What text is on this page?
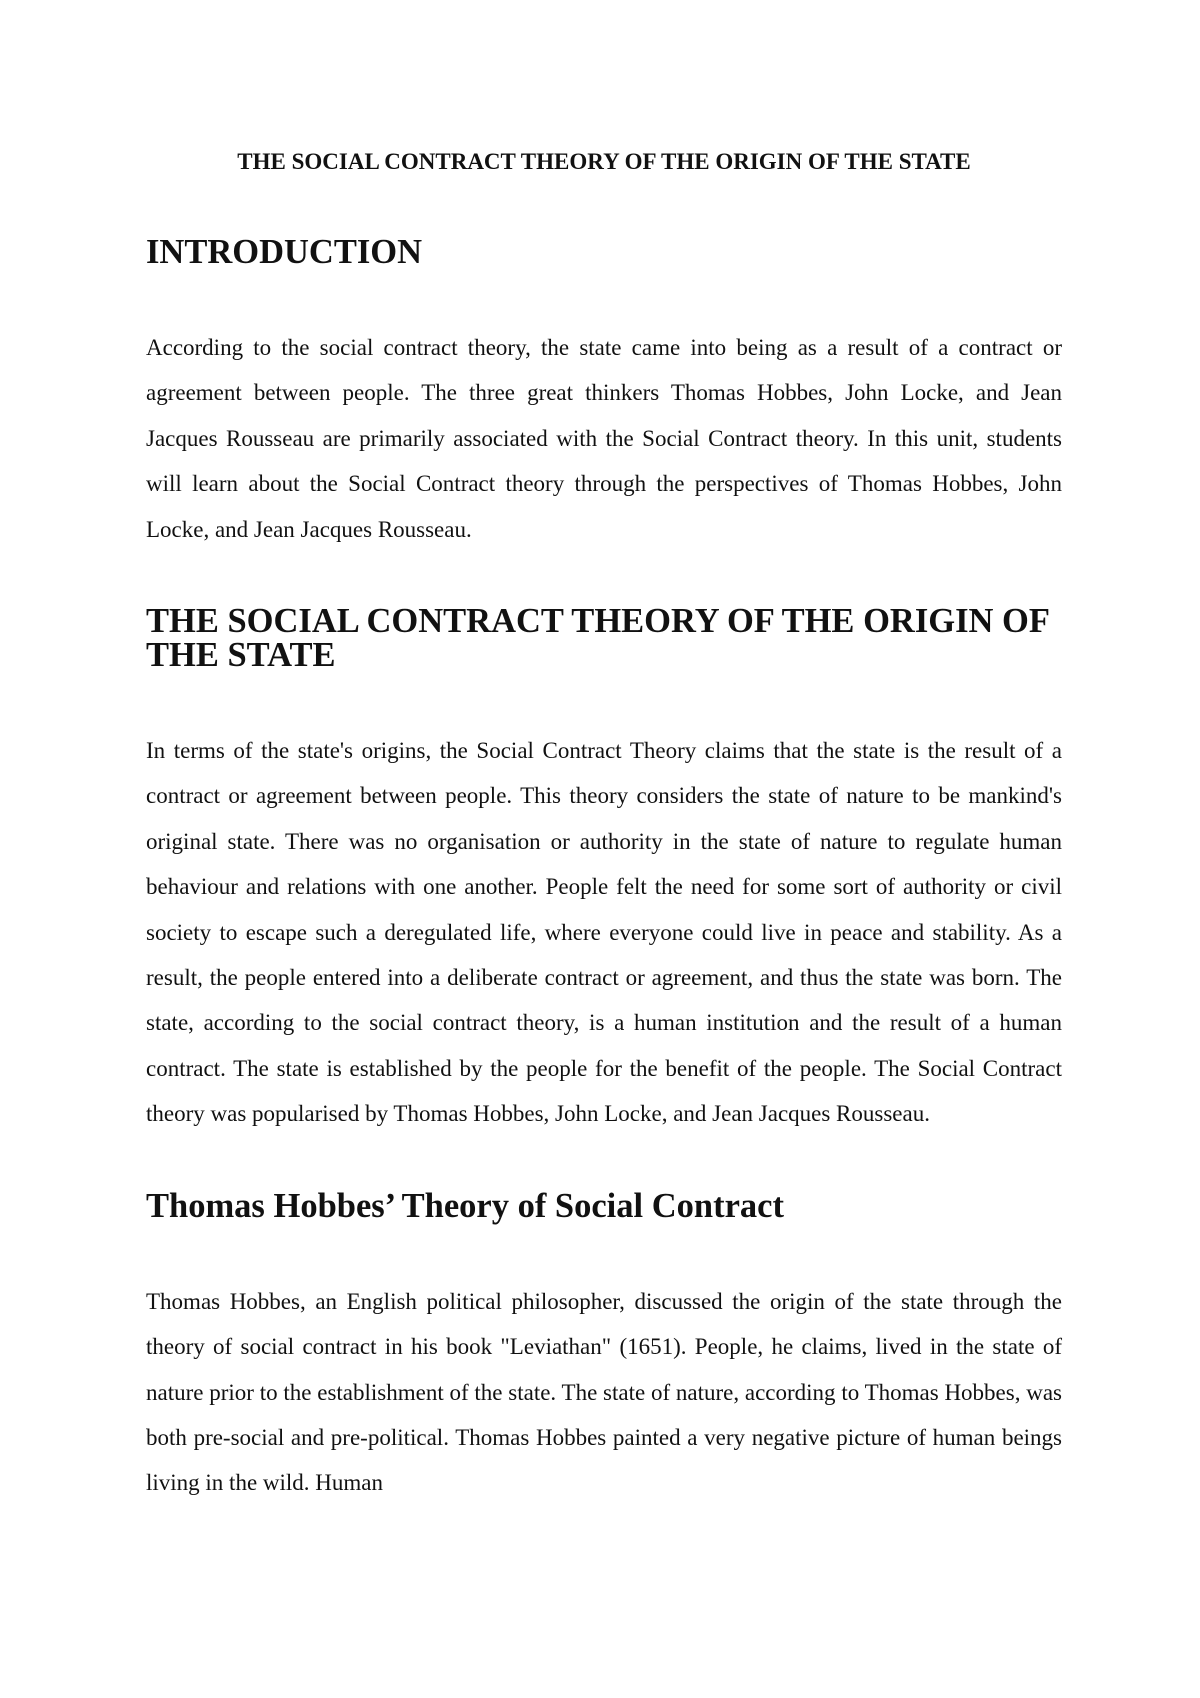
THE SOCIAL CONTRACT THEORY OF THE ORIGIN OF THE STATE
INTRODUCTION

According to the social contract theory, the state came into being as a result of a contract or agreement between people. The three great thinkers Thomas Hobbes, John Locke, and Jean Jacques Rousseau are primarily associated with the Social Contract theory. In this unit, students will learn about the Social Contract theory through the perspectives of Thomas Hobbes, John Locke, and Jean Jacques Rousseau.

THE SOCIAL CONTRACT THEORY OF THE ORIGIN OF THE STATE

In terms of the state's origins, the Social Contract Theory claims that the state is the result of a contract or agreement between people. This theory considers the state of nature to be mankind's original state. There was no organisation or authority in the state of nature to regulate human behaviour and relations with one another. People felt the need for some sort of authority or civil society to escape such a deregulated life, where everyone could live in peace and stability. As a result, the people entered into a deliberate contract or agreement, and thus the state was born. The state, according to the social contract theory, is a human institution and the result of a human contract. The state is established by the people for the benefit of the people. The Social Contract theory was popularised by Thomas Hobbes, John Locke, and Jean Jacques Rousseau.

Thomas Hobbes’ Theory of Social Contract

Thomas Hobbes, an English political philosopher, discussed the origin of the state through the theory of social contract in his book "Leviathan" (1651). People, he claims, lived in the state of nature prior to the establishment of the state. The state of nature, according to Thomas Hobbes, was both pre-social and pre-political. Thomas Hobbes painted a very negative picture of human beings living in the wild. Human
